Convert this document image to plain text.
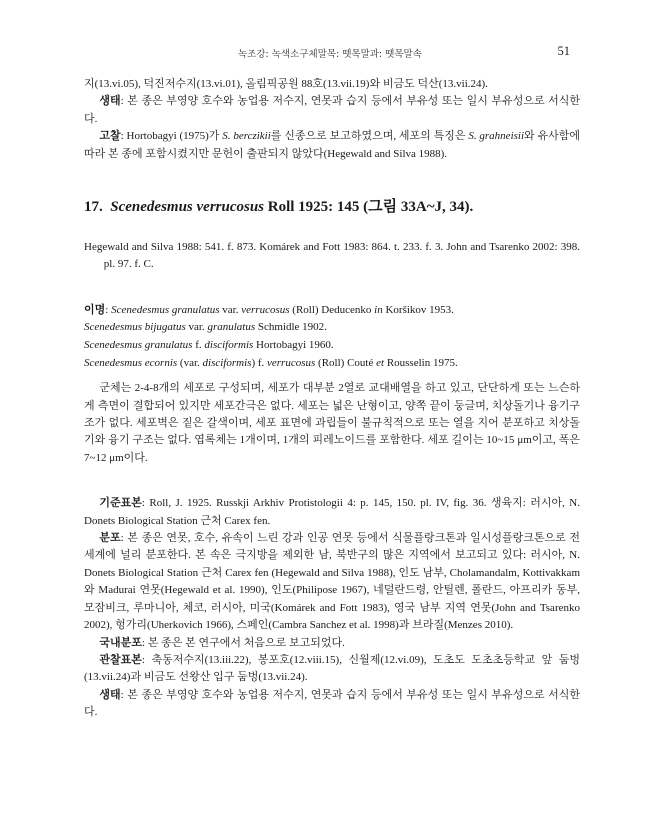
녹조강: 녹색소구체말목: 뗏목말과: 뗏목말속	51

지(13.vi.05), 덕진저수지(13.vi.01), 올림픽공원 88호(13.vii.19)와 비금도 덕산(13.vii.24).

생태: 본 종은 부영양 호수와 농업용 저수지, 연못과 습지 등에서 부유성 또는 일시 부유성으로 서식한다.

고찰: Hortobagyi (1975)가 S. berczikii를 신종으로 보고하였으며, 세포의 특징은 S. grahneisii와 유사함에 따라 본 종에 포함시켰지만 문헌이 출판되지 않았다(Hegewald and Silva 1988).

17. Scenedesmus verrucosus Roll 1925: 145 (그림 33A~J, 34).

Hegewald and Silva 1988: 541. f. 873. Komárek and Fott 1983: 864. t. 233. f. 3. John and Tsarenko 2002: 398. pl. 97. f. C.

이명: Scenedesmus granulatus var. verrucosus (Roll) Deducenko in Koršikov 1953.

Scenedesmus bijugatus var. granulatus Schmidle 1902.

Scenedesmus granulatus f. disciformis Hortobagyi 1960.

Scenedesmus ecornis (var. disciformis) f. verrucosus (Roll) Couté et Rousselin 1975.

군체는 2-4-8개의 세포로 구성되며, 세포가 대부분 2열로 교대배열을 하고 있고, 단단하게 또는 느슨하게 측면이 결합되어 있지만 세포간극은 없다. 세포는 넓은 난형이고, 양쪽 끝이 둥글며, 치상돌기나 융기구조가 없다. 세포벽은 짙은 갈색이며, 세포 표면에 과립들이 불규칙적으로 또는 열을 지어 분포하고 치상돌기와 융기 구조는 없다. 엽록체는 1개이며, 1개의 피레노이드를 포함한다. 세포 길이는 10~15 μm이고, 폭은 7~12 μm이다.

기준표본: Roll, J. 1925. Russkji Arkhiv Protistologii 4: p. 145, 150. pl. IV, fig. 36. 생육지: 러시아, N. Donets Biological Station 근처 Carex fen.

분포: 본 종은 연못, 호수, 유속이 느린 강과 인공 연못 등에서 식물플랑크톤과 일시성플랑크톤으로 전 세계에 널리 분포한다. 본 속은 극지방을 제외한 남, 북반구의 많은 지역에서 보고되고 있다: 러시아, N. Donets Biological Station 근처 Carex fen (Hegewald and Silva 1988), 인도 남부, Cholamandalm, Kottivakkam와 Madurai 연못(Hegewald et al. 1990), 인도(Philipose 1967), 네덜란드령, 안틸렌, 폴란드, 아프리카 동부, 모잠비크, 루마니아, 체코, 러시아, 미국(Komárek and Fott 1983), 영국 남부 지역 연못(John and Tsarenko 2002), 헝가리(Uherkovich 1966), 스페인(Cambra Sanchez et al. 1998)과 브라질(Menzes 2010).

국내분포: 본 종은 본 연구에서 처음으로 보고되었다.

관찰표본: 축동저수지(13.iii.22), 봉포호(12.viii.15), 신월제(12.vi.09), 도초도 도초초등학교 앞 둠벙(13.vii.24)과 비금도 선왕산 입구 둠벙(13.vii.24).

생태: 본 종은 부영양 호수와 농업용 저수지, 연못과 습지 등에서 부유성 또는 일시 부유성으로 서식한다.
